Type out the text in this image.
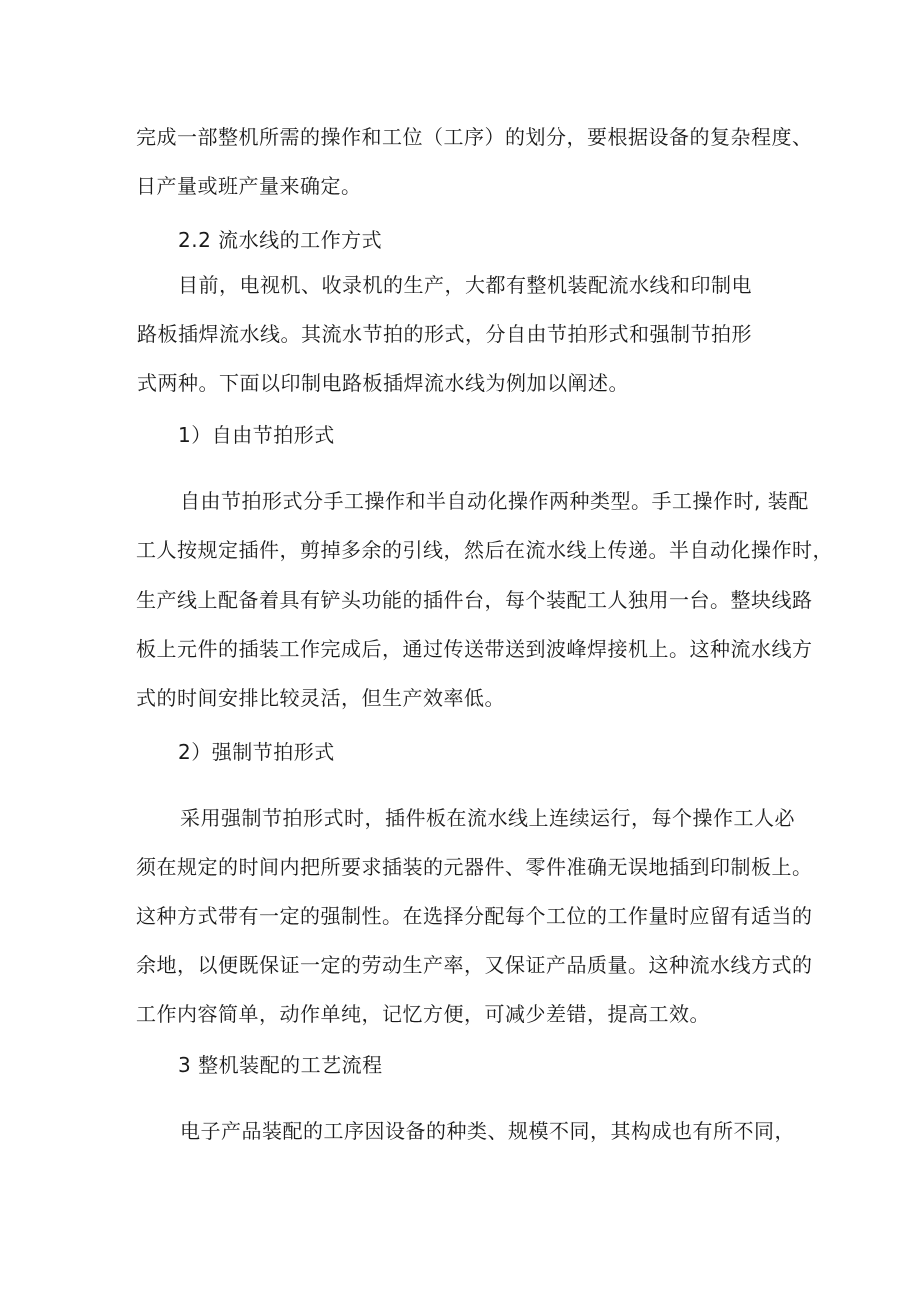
完成一部整机所需的操作和工位（工序）的划分，要根据设备的复杂程度、
日产量或班产量来确定。
2.2 流水线的工作方式
目前，电视机、收录机的生产，大都有整机装配流水线和印制电
路板插焊流水线。其流水节拍的形式，分自由节拍形式和强制节拍形
式两种。下面以印制电路板插焊流水线为例加以阐述。
1）自由节拍形式
自由节拍形式分手工操作和半自动化操作两种类型。手工操作时, 装配
工人按规定插件，剪掉多余的引线，然后在流水线上传递。半自动化操作时，
生产线上配备着具有铲头功能的插件台，每个装配工人独用一台。整块线路
板上元件的插装工作完成后，通过传送带送到波峰焊接机上。这种流水线方
式的时间安排比较灵活，但生产效率低。
2）强制节拍形式
采用强制节拍形式时，插件板在流水线上连续运行，每个操作工人必
须在规定的时间内把所要求插装的元器件、零件准确无误地插到印制板上。
这种方式带有一定的强制性。在选择分配每个工位的工作量时应留有适当的
余地，以便既保证一定的劳动生产率，又保证产品质量。这种流水线方式的
工作内容简单，动作单纯，记忆方便，可减少差错，提高工效。
3 整机装配的工艺流程
电子产品装配的工序因设备的种类、规模不同，其构成也有所不同，
